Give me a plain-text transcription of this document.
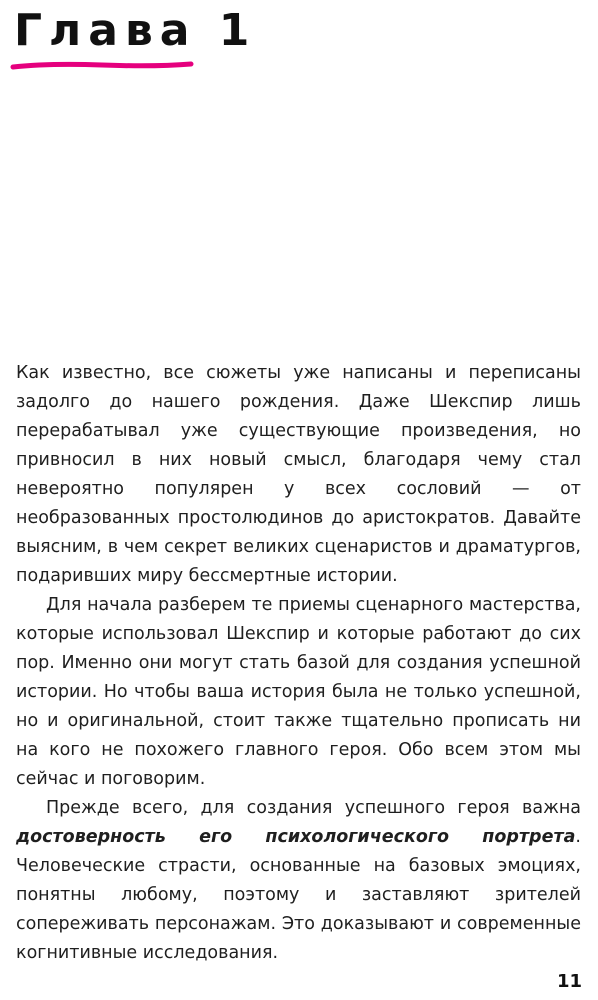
Глава 1

Как известно, все сюжеты уже написаны и переписаны задолго до нашего рождения. Даже Шекспир лишь перерабатывал уже существующие произведения, но привносил в них новый смысл, благодаря чему стал невероятно популярен у всех сословий — от необразованных простолюдинов до аристократов. Давайте выясним, в чем секрет великих сценаристов и драматургов, подаривших миру бессмертные истории.

Для начала разберем те приемы сценарного мастерства, которые использовал Шекспир и которые работают до сих пор. Именно они могут стать базой для создания успешной истории. Но чтобы ваша история была не только успешной, но и оригинальной, стоит также тщательно прописать ни на кого не похожего главного героя. Обо всем этом мы сейчас и поговорим.

Прежде всего, для создания успешного героя важна достоверность его психологического портрета. Человеческие страсти, основанные на базовых эмоциях, понятны любому, поэтому и заставляют зрителей сопереживать персонажам. Это доказывают и современные когнитивные исследования.

11
